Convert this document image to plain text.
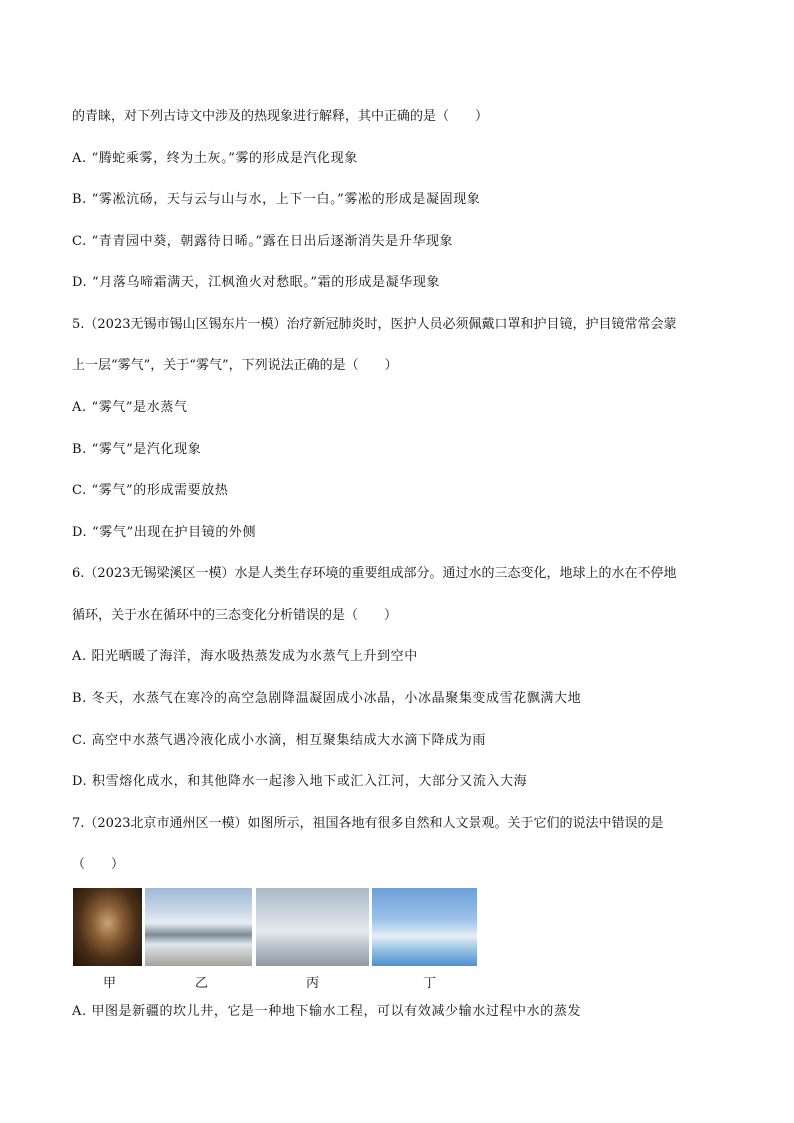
的青睐，对下列古诗文中涉及的热现象进行解释，其中正确的是（　　）
A. “腾蛇乘雾，终为土灰。”雾的形成是汽化现象
B. “雾凇沆砀，天与云与山与水，上下一白。”雾凇的形成是凝固现象
C. “青青园中葵，朝露待日晞。”露在日出后逐渐消失是升华现象
D. “月落乌啼霜满天，江枫渔火对愁眠。”霜的形成是凝华现象
5.（2023无锡市锡山区锡东片一模）治疗新冠肺炎时，医护人员必须佩戴口罩和护目镜，护目镜常常会蒙
上一层“雾气”，关于“雾气”，下列说法正确的是（　　）
A. “雾气”是水蒸气
B. “雾气”是汽化现象
C. “雾气”的形成需要放热
D. “雾气”出现在护目镜的外侧
6.（2023无锡梁溪区一模）水是人类生存环境的重要组成部分。通过水的三态变化，地球上的水在不停地
循环，关于水在循环中的三态变化分析错误的是（　　）
A. 阳光晒暖了海洋，海水吸热蒸发成为水蒸气上升到空中
B. 冬天，水蒸气在寒冷的高空急剧降温凝固成小冰晶，小冰晶聚集变成雪花飘满大地
C. 高空中水蒸气遇冷液化成小水滴，相互聚集结成大水滴下降成为雨
D. 积雪熔化成水，和其他降水一起渗入地下或汇入江河，大部分又流入大海
7.（2023北京市通州区一模）如图所示，祖国各地有很多自然和人文景观。关于它们的说法中错误的是
（　　）
甲	乙	丙	丁
A. 甲图是新疆的坎儿井，它是一种地下输水工程，可以有效减少输水过程中水的蒸发
